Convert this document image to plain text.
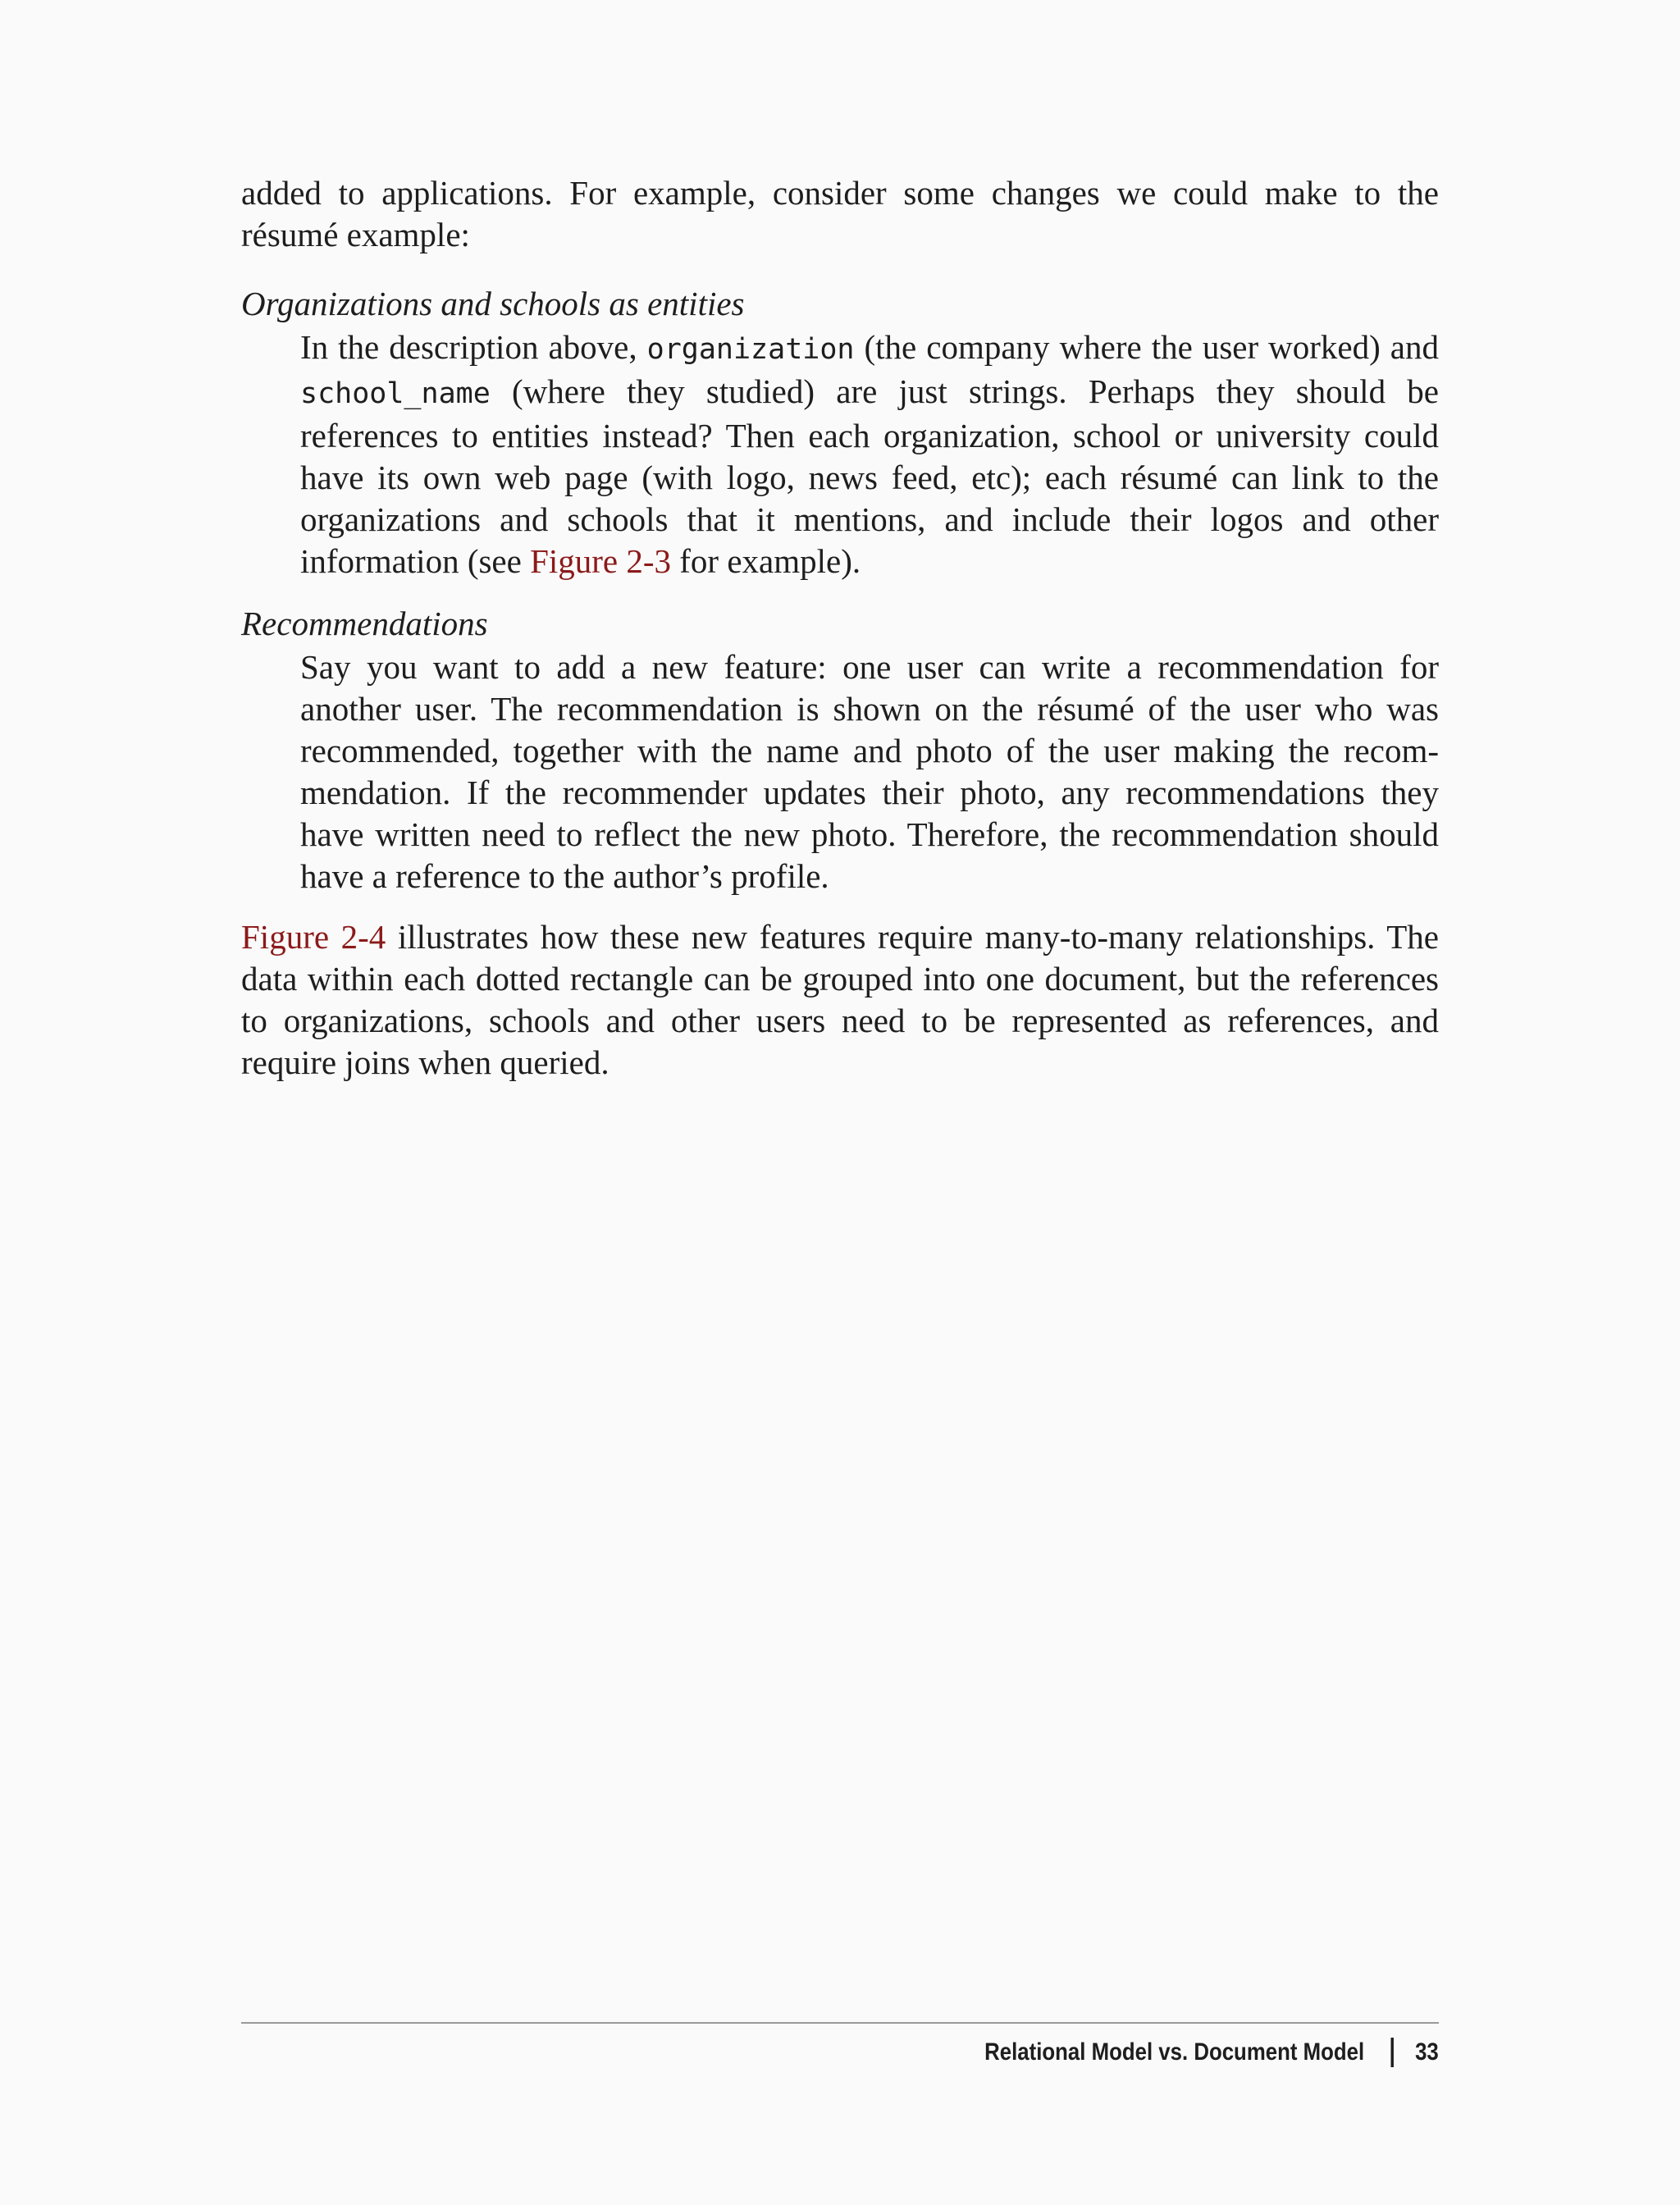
added to applications. For example, consider some changes we could make to the résumé example:

Organizations and schools as entities

In the description above, organization (the company where the user worked) and school_name (where they studied) are just strings. Perhaps they should be references to entities instead? Then each organization, school or university could have its own web page (with logo, news feed, etc); each résumé can link to the organizations and schools that it mentions, and include their logos and other information (see Figure 2-3 for example).

Recommendations

Say you want to add a new feature: one user can write a recommendation for another user. The recommendation is shown on the résumé of the user who was recommended, together with the name and photo of the user making the recommendation. If the recommender updates their photo, any recommendations they have written need to reflect the new photo. Therefore, the recommendation should have a reference to the author’s profile.

Figure 2-4 illustrates how these new features require many-to-many relationships. The data within each dotted rectangle can be grouped into one document, but the references to organizations, schools and other users need to be represented as references, and require joins when queried.

Relational Model vs. Document Model 33
